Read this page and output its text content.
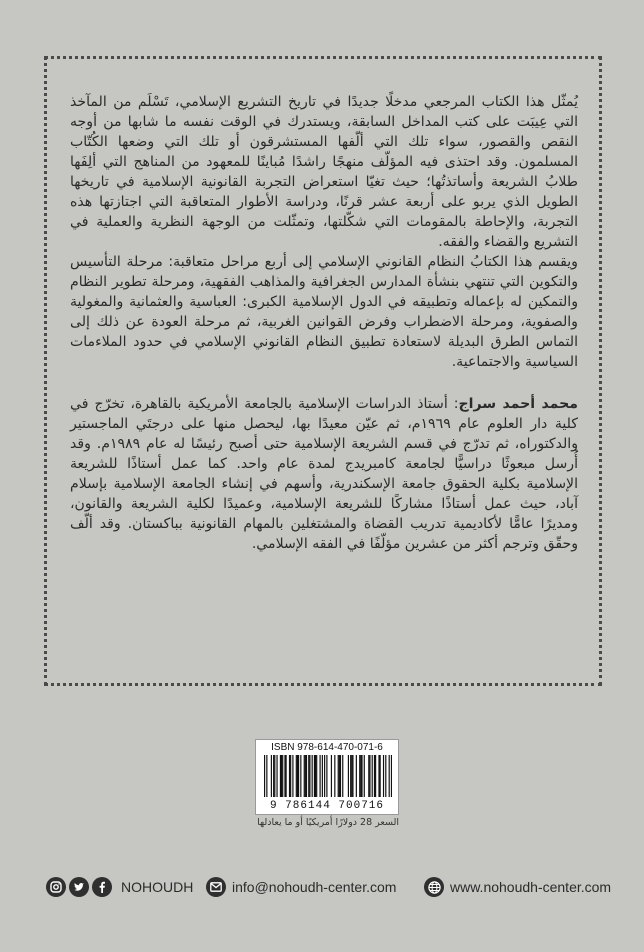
يُمثّل هذا الكتاب المرجعي مدخلًا جديدًا في تاريخ التشريع الإسلامي، تَسْلَم من المآخذ التي عِيبَت على كتب المداخل السابقة، ويستدرك في الوقت نفسه ما شابها من أوجه النقص والقصور، سواء تلك التي ألّفها المستشرقون أو تلك التي وضعها الكُتّاب المسلمون. وقد احتذى فيه المؤلّف منهجًا راشدًا مُباينًا للمعهود من المناهج التي ألِفَها طلابُ الشريعة وأساتذتُها؛ حيث تغيّا استعراض التجربة القانونية الإسلامية في تاريخها الطويل الذي يربو على أربعة عشر قرنًا، ودراسة الأطوار المتعاقبة التي اجتازتها هذه التجربة، والإحاطة بالمقومات التي شكّلتها، وتمثّلت من الوجهة النظرية والعملية في التشريع والقضاء والفقه.

ويقسم هذا الكتابُ النظام القانوني الإسلامي إلى أربع مراحل متعاقبة: مرحلة التأسيس والتكوين التي تنتهي بنشأة المدارس الجغرافية والمذاهب الفقهية، ومرحلة تطوير النظام والتمكين له بإعماله وتطبيقه في الدول الإسلامية الكبرى: العباسية والعثمانية والمغولية والصفوية، ومرحلة الاضطراب وفرض القوانين الغربية، ثم مرحلة العودة عن ذلك إلى التماس الطرق البديلة لاستعادة تطبيق النظام القانوني الإسلامي في حدود الملاءمات السياسية والاجتماعية.

محمد أحمد سراج: أستاذ الدراسات الإسلامية بالجامعة الأمريكية بالقاهرة، تخرّج في كلية دار العلوم عام ١٩٦٩م، ثم عيّن معيدًا بها، ليحصل منها على درجتَي الماجستير والدكتوراه، ثم تدرّج في قسم الشريعة الإسلامية حتى أصبح رئيسًا له عام ١٩٨٩م. وقد أُرسل مبعوثًا دراسيًّا لجامعة كامبريدج لمدة عام واحد. كما عمل أستاذًا للشريعة الإسلامية بكلية الحقوق جامعة الإسكندرية، وأسهم في إنشاء الجامعة الإسلامية بإسلام آباد، حيث عمل أستاذًا مشاركًا للشريعة الإسلامية، وعميدًا لكلية الشريعة والقانون، ومديرًا عامًّا لأكاديمية تدريب القضاة والمشتغلين بالمهام القانونية بباكستان. وقد ألّف وحقّق وترجم أكثر من عشرين مؤلّفًا في الفقه الإسلامي.

ISBN 978-614-470-071-6
9 786144 700716
السعر 28 دولارًا أمريكيًا أو ما يعادلها
NOHOUDH	info@nohoudh-center.com	www.nohoudh-center.com
